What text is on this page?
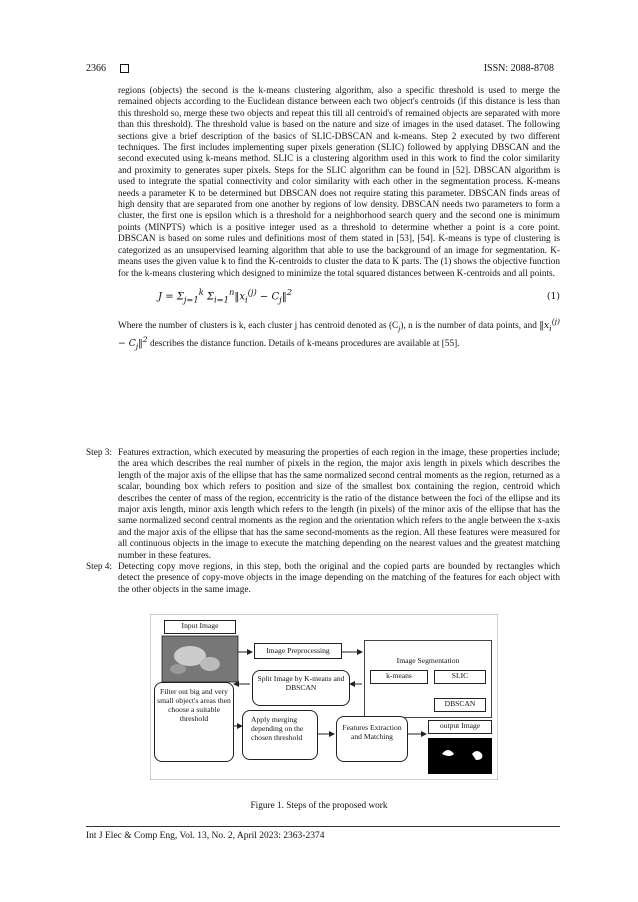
2366	ISSN: 2088-8708

regions (objects) the second is the k-means clustering algorithm, also a specific threshold is used to merge the remained objects according to the Euclidean distance between each two object's centroids (if this distance is less than this threshold so, merge these two objects and repeat this till all centroid's of remained objects are separated with more than this threshold). The threshold value is based on the nature and size of images in the used dataset. The following sections give a brief description of the basics of SLIC-DBSCAN and k-means. Step 2 executed by two different techniques. The first includes implementing super pixels generation (SLIC) followed by applying DBSCAN and the second executed using k-means method. SLIC is a clustering algorithm used in this work to find the color similarity and proximity to generates super pixels. Steps for the SLIC algorithm can be found in [52]. DBSCAN algorithm is used to integrate the spatial connectivity and color similarity with each other in the segmentation process. K-means needs a parameter K to be determined but DBSCAN does not require stating this parameter. DBSCAN finds areas of high density that are separated from one another by regions of low density. DBSCAN needs two parameters to form a cluster, the first one is epsilon which is a threshold for a neighborhood search query and the second one is minimum points (MINPTS) which is a positive integer used as a threshold to determine whether a point is a core point. DBSCAN is based on some rules and definitions most of them stated in [53], [54]. K-means is type of clustering is categorized as an unsupervised learning algorithm that able to use the background of an image for segmentation. K-means uses the given value k to find the K-centroids to cluster the data to K parts. The (1) shows the objective function for the k-means clustering which designed to minimize the total squared distances between K-centroids and all points.

$J = \Sigma_{j=1}^k$ $\Sigma_{i=1}^n‖x_i^{(j)}$ − $C_j‖^2$	(1)

Where the number of clusters is k, each cluster j has centroid denoted as $(C_j)$, n is the number of data points, and $‖x_i^{(j)}$ − $C_j‖^2$ describes the distance function. Details of k-means procedures are available at [55].

Step 3: Features extraction, which executed by measuring the properties of each region in the image, these properties include; the area which describes the real number of pixels in the region, the major axis length in pixels which describes the length of the major axis of the ellipse that has the same normalized second central moments as the region, returned as a scalar, bounding box which refers to position and size of the smallest box containing the region, centroid which describes the center of mass of the region, eccentricity is the ratio of the distance between the foci of the ellipse and its major axis length, minor axis length which refers to the length (in pixels) of the minor axis of the ellipse that has the same normalized second central moments as the region and the orientation which refers to the angle between the x-axis and the major axis of the ellipse that has the same second-moments as the region. All these features were measured for all continuous objects in the image to execute the matching depending on the nearest values and the greatest matching number in these features.
Step 4: Detecting copy move regions, in this step, both the original and the copied parts are bounded by rectangles which detect the presence of copy-move objects in the image depending on the matching of the features for each object with the other objects in the same image.
Input Image
Image Preprocessing
Image Segmentation
k-means	SLIC
DBSCAN
Split Image by K-means and DBSCAN
Filter out big and very small object's areas then choose a suitable threshold	Apply merging depending on the chosen threshold
Features Extraction and Matching
output Image
Figure 1. Steps of the proposed work
Int J Elec & Comp Eng, Vol. 13, No. 2, April 2023: 2363-2374
